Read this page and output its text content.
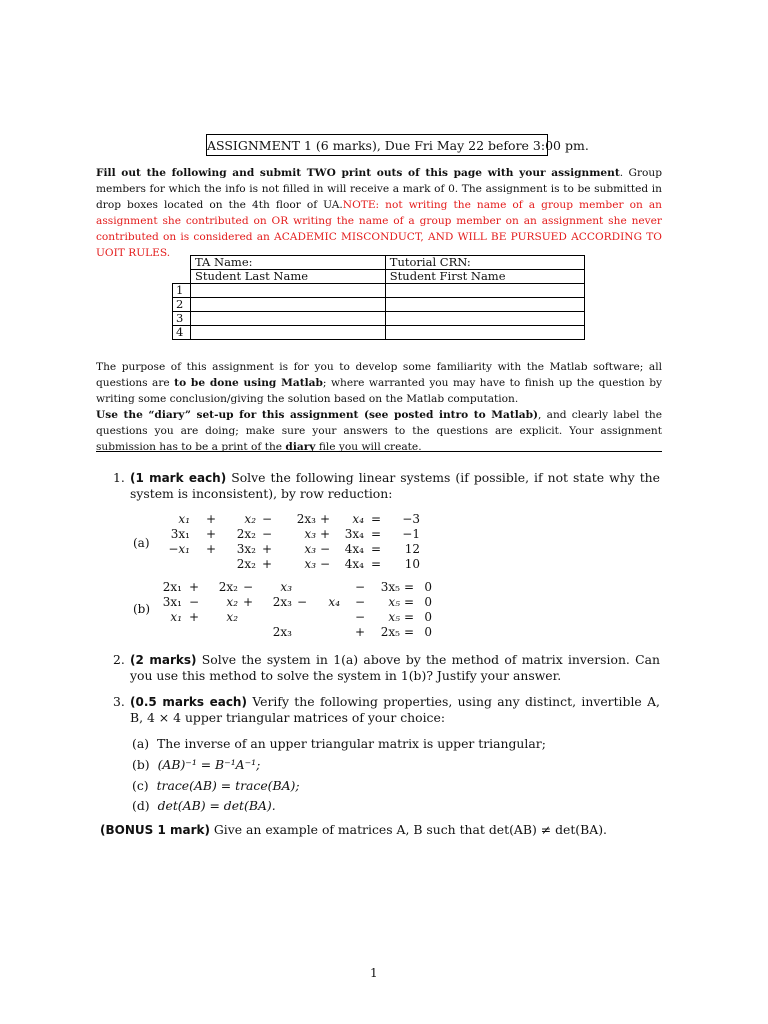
ASSIGNMENT 1 (6 marks), Due Fri May 22 before 3:00 pm.
Fill out the following and submit TWO print outs of this page with your assignment. Group members for which the info is not filled in will receive a mark of 0. The assignment is to be submitted in drop boxes located on the 4th floor of UA.NOTE: not writing the name of a group member on an assignment she contributed on OR writing the name of a group member on an assignment she never contributed on is considered an ACADEMIC MISCONDUCT, AND WILL BE PURSUED ACCORDING TO UOIT RULES.
	TA Name:	Tutorial CRN:
	Student Last Name	Student First Name
1		
2		
3		
4		
The purpose of this assignment is for you to develop some familiarity with the Matlab software; all questions are to be done using Matlab; where warranted you may have to finish up the question by writing some conclusion/giving the solution based on the Matlab computation.
Use the “diary” set-up for this assignment (see posted intro to Matlab), and clearly label the questions you are doing; make sure your answers to the questions are explicit. Your assignment submission has to be a print of the diary file you will create.
1. (1 mark each) Solve the following linear systems (if possible, if not state why the system is inconsistent), by row reduction:
(a)
x₁	+	x₂ −	2x₃ +	x₄ =	−3
3x₁	+	2x₂ −	x₃ +	3x₄ =	−1
−x₁	+	3x₂ +	x₃ −	4x₄ =	12
2x₂ +	x₃ −	4x₄ =	10
(b)
2x₁ +	2x₂ −	x₃	−	3x₅ = 0
3x₁ −	x₂ +	2x₃ −	x₄ −	x₅ = 0
x₁ +	x₂	−	x₅ = 0
2x₃	+	2x₅ = 0
2. (2 marks) Solve the system in 1(a) above by the method of matrix inversion. Can you use this method to solve the system in 1(b)? Justify your answer.
3. (0.5 marks each) Verify the following properties, using any distinct, invertible A, B, 4 × 4 upper triangular matrices of your choice:
(a) The inverse of an upper triangular matrix is upper triangular;
(b) (AB)⁻¹ = B⁻¹A⁻¹;
(c) trace(AB) = trace(BA);
(d) det(AB) = det(BA).
(BONUS 1 mark) Give an example of matrices A, B such that det(AB) ≠ det(BA).
1
